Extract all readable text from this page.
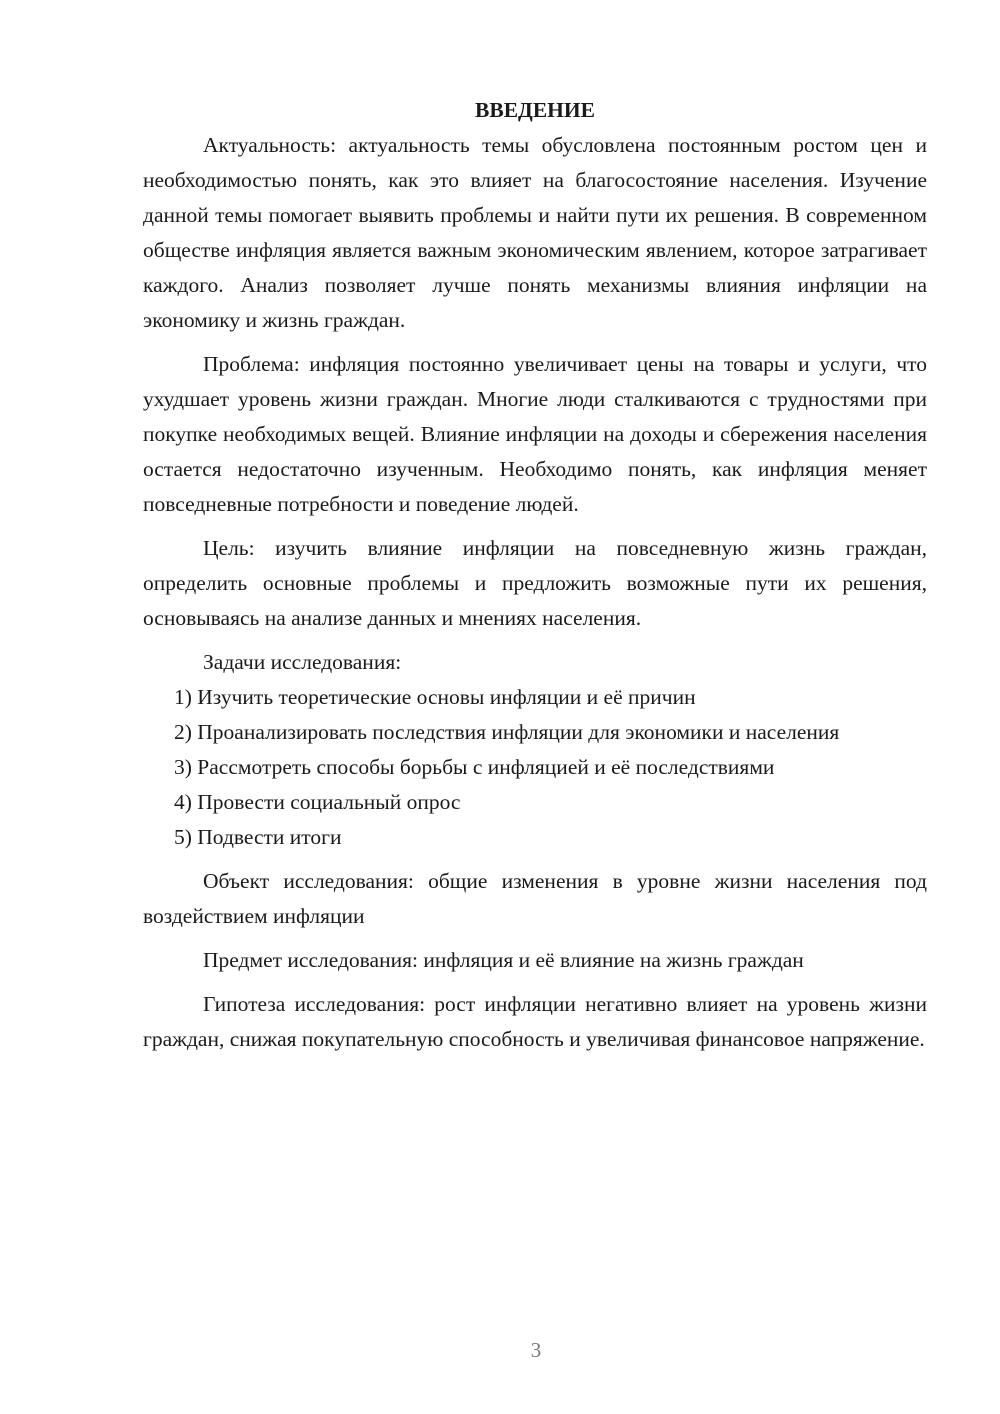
ВВЕДЕНИЕ

Актуальность: актуальность темы обусловлена постоянным ростом цен и необходимостью понять, как это влияет на благосостояние населения. Изучение данной темы помогает выявить проблемы и найти пути их решения. В современном обществе инфляция является важным экономическим явлением, которое затрагивает каждого. Анализ позволяет лучше понять механизмы влияния инфляции на экономику и жизнь граждан.

Проблема: инфляция постоянно увеличивает цены на товары и услуги, что ухудшает уровень жизни граждан. Многие люди сталкиваются с трудностями при покупке необходимых вещей. Влияние инфляции на доходы и сбережения населения остается недостаточно изученным. Необходимо понять, как инфляция меняет повседневные потребности и поведение людей.

Цель: изучить влияние инфляции на повседневную жизнь граждан, определить основные проблемы и предложить возможные пути их решения, основываясь на анализе данных и мнениях населения.

Задачи исследования:

1) Изучить теоретические основы инфляции и её причин

2) Проанализировать последствия инфляции для экономики и населения

3) Рассмотреть способы борьбы с инфляцией и её последствиями

4) Провести социальный опрос

5) Подвести итоги

Объект исследования: общие изменения в уровне жизни населения под воздействием инфляции

Предмет исследования: инфляция и её влияние на жизнь граждан

Гипотеза исследования: рост инфляции негативно влияет на уровень жизни граждан, снижая покупательную способность и увеличивая финансовое напряжение.

3
